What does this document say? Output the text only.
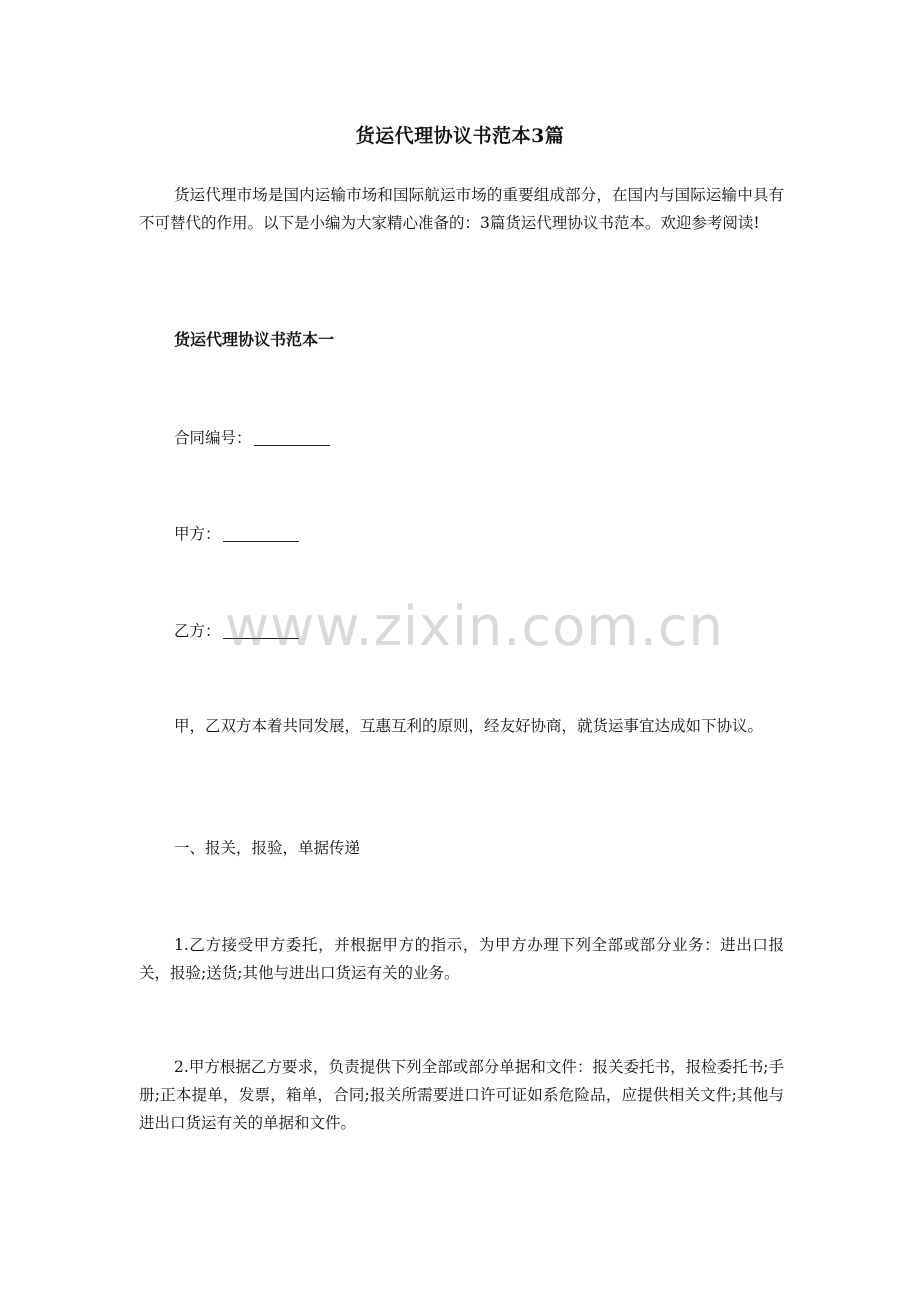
货运代理协议书范本3篇

货运代理市场是国内运输市场和国际航运市场的重要组成部分，在国内与国际运输中具有不可替代的作用。以下是小编为大家精心准备的：3篇货运代理协议书范本。欢迎参考阅读!

货运代理协议书范本一
合同编号：
甲方：
乙方：

甲，乙双方本着共同发展，互惠互利的原则，经友好协商，就货运事宜达成如下协议。

一、报关，报验，单据传递

1.乙方接受甲方委托，并根据甲方的指示，为甲方办理下列全部或部分业务：进出口报关，报验;送货;其他与进出口货运有关的业务。

2.甲方根据乙方要求，负责提供下列全部或部分单据和文件：报关委托书，报检委托书;手册;正本提单，发票，箱单，合同;报关所需要进口许可证如系危险品，应提供相关文件;其他与进出口货运有关的单据和文件。

www.zixin.com.cn
